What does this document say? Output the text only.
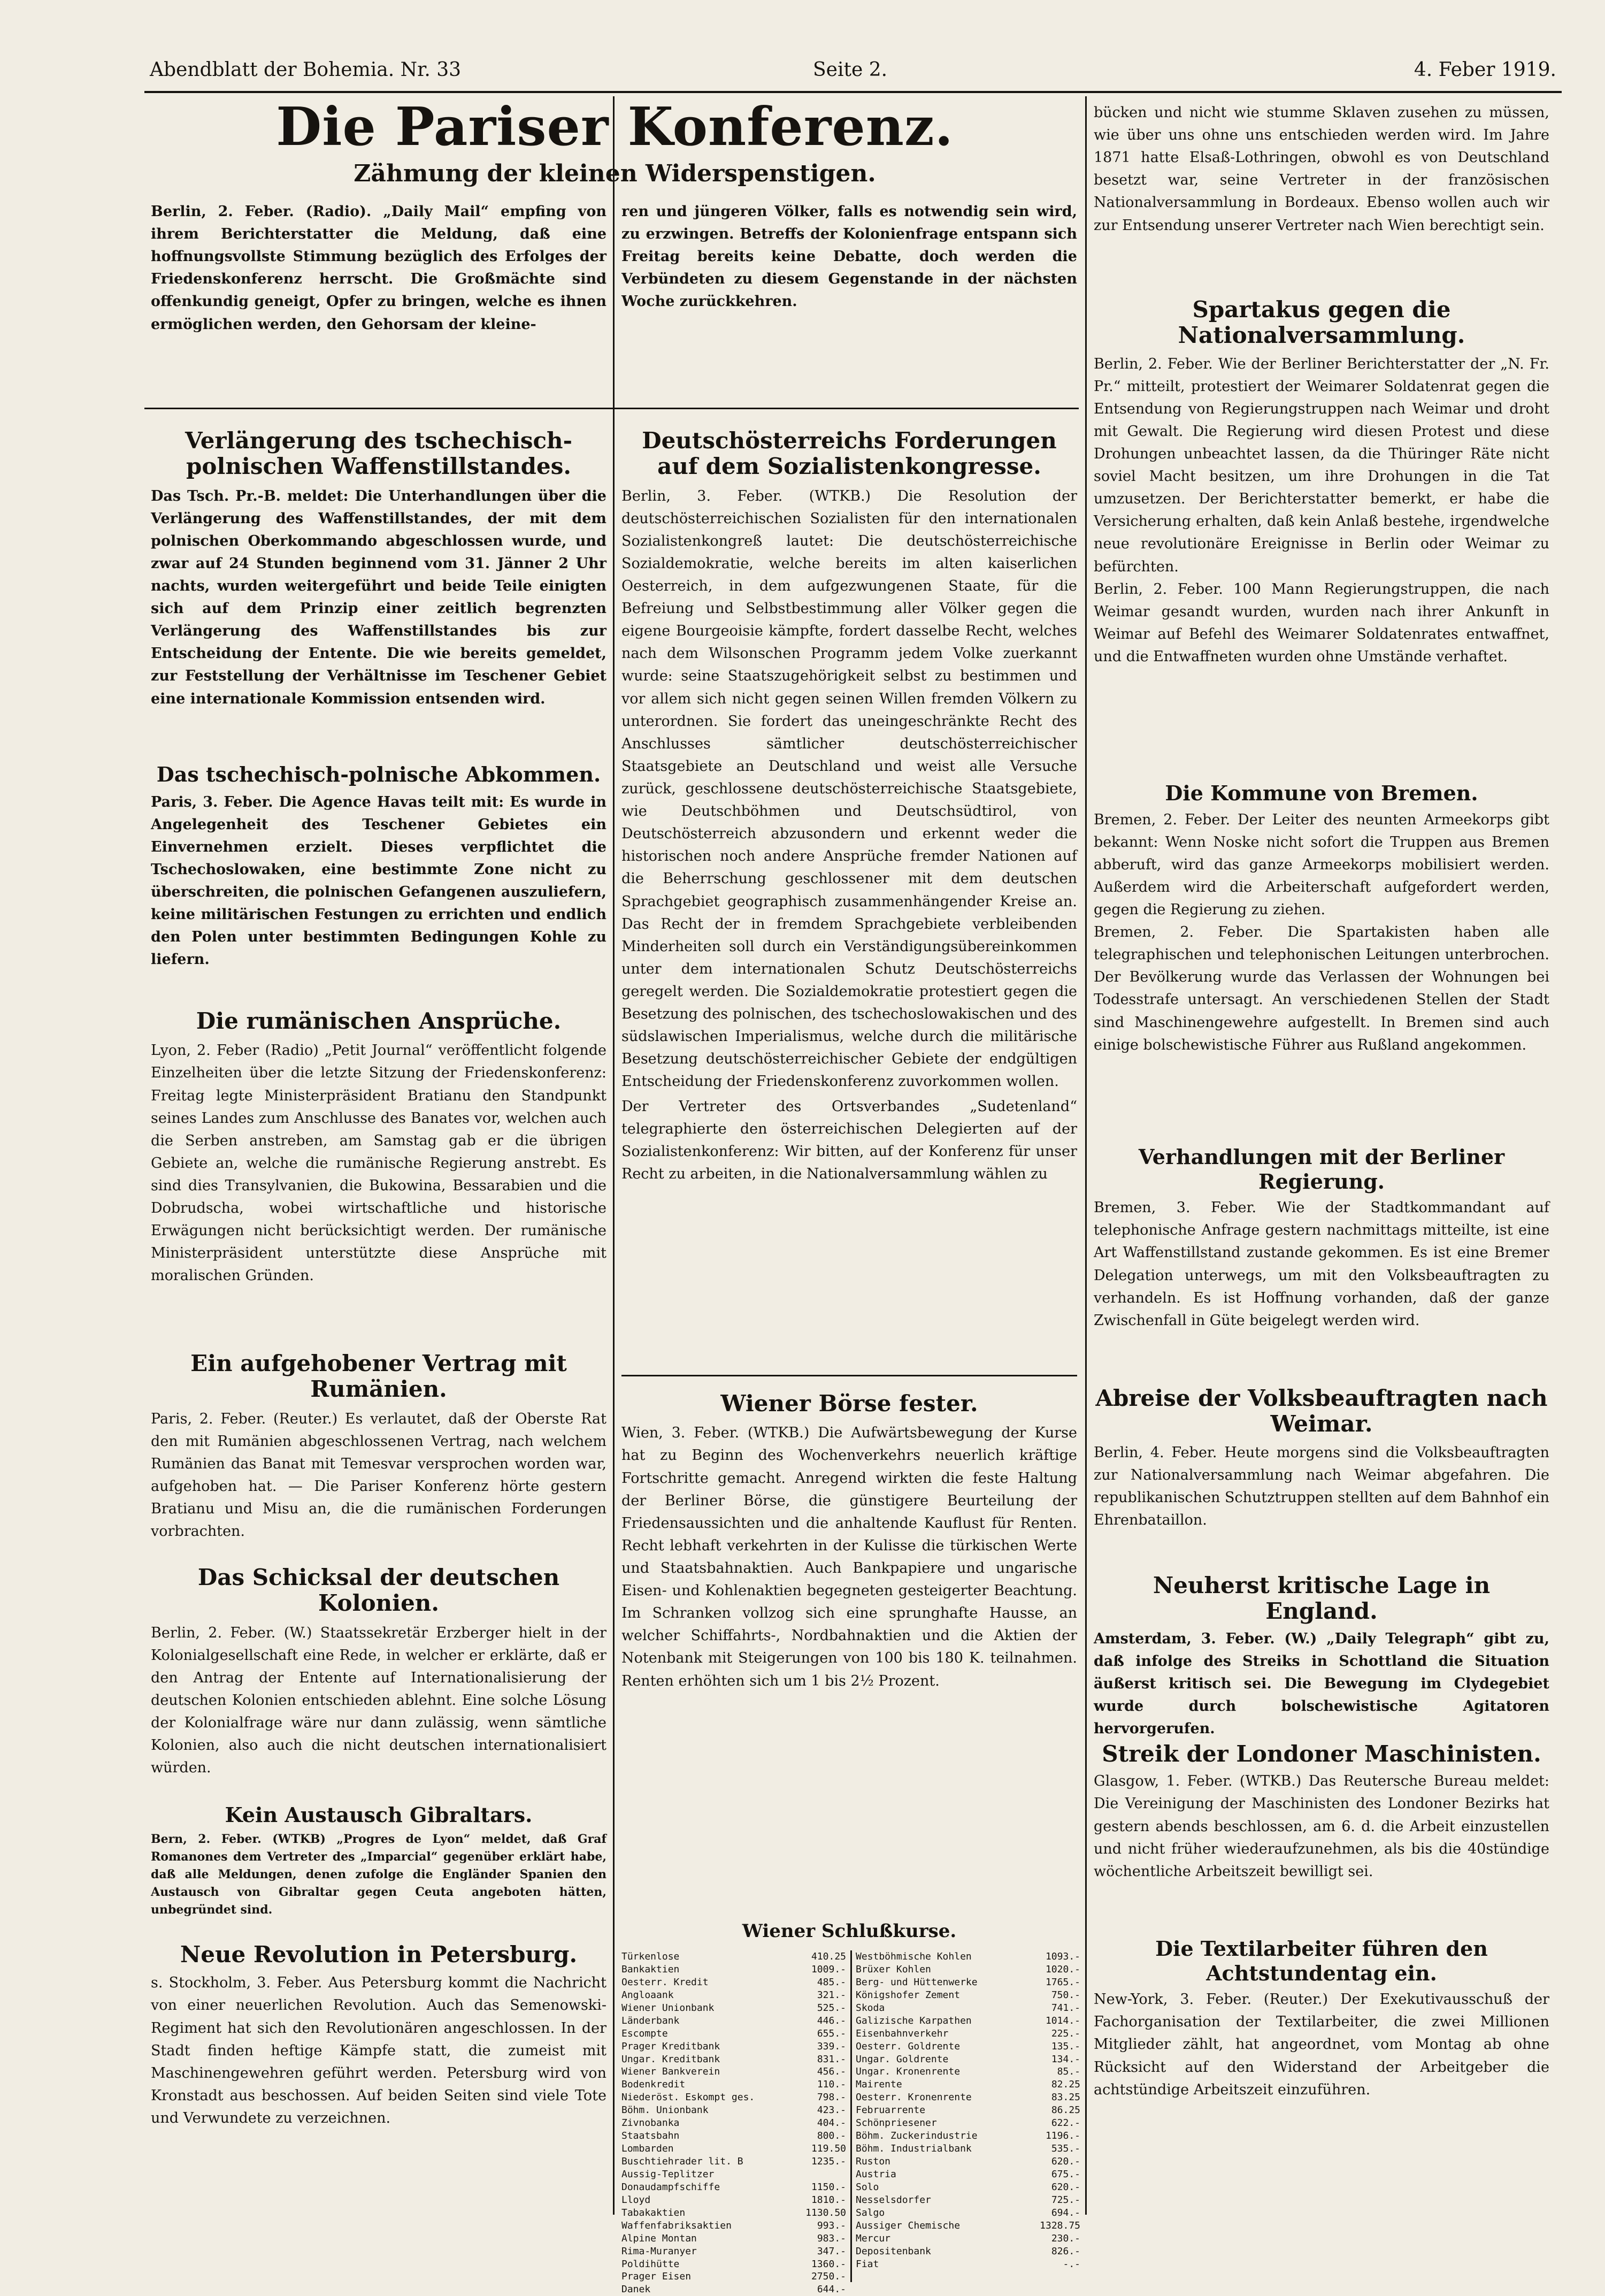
Abendblatt der Bohemia. Nr. 33	Seite 2.	4. Feber 1919.
Die Pariser Konferenz.
Zähmung der kleinen Widerspenstigen.

Berlin, 2. Feber. (Radio). „Daily Mail“ empfing von ihrem Berichterstatter die Meldung, daß eine hoffnungsvollste Stimmung bezüglich des Erfolges der Friedenskonferenz herrscht. Die Großmächte sind offenkundig geneigt, Opfer zu bringen, welche es ihnen ermöglichen werden, den Gehorsam der kleine-

ren und jüngeren Völker, falls es notwendig sein wird, zu erzwingen. Betreffs der Kolonienfrage entspann sich Freitag bereits keine Debatte, doch werden die Verbündeten zu diesem Gegenstande in der nächsten Woche zurückkehren.

Verlängerung des tschechisch-polnischen Waffenstillstandes.

Das Tsch. Pr.-B. meldet: Die Unterhandlungen über die Verlängerung des Waffenstillstandes, der mit dem polnischen Oberkommando abgeschlossen wurde, und zwar auf 24 Stunden beginnend vom 31. Jänner 2 Uhr nachts, wurden weitergeführt und beide Teile einigten sich auf dem Prinzip einer zeitlich begrenzten Verlängerung des Waffenstillstandes bis zur Entscheidung der Entente. Die wie bereits gemeldet, zur Feststellung der Verhältnisse im Teschener Gebiet eine internationale Kommission entsenden wird.

Das tschechisch-polnische Abkommen.

Paris, 3. Feber. Die Agence Havas teilt mit: Es wurde in Angelegenheit des Teschener Gebietes ein Einvernehmen erzielt. Dieses verpflichtet die Tschechoslowaken, eine bestimmte Zone nicht zu überschreiten, die polnischen Gefangenen auszuliefern, keine militärischen Festungen zu errichten und endlich den Polen unter bestimmten Bedingungen Kohle zu liefern.

Die rumänischen Ansprüche.

Lyon, 2. Feber (Radio) „Petit Journal“ veröffentlicht folgende Einzelheiten über die letzte Sitzung der Friedenskonferenz: Freitag legte Ministerpräsident Bratianu den Standpunkt seines Landes zum Anschlusse des Banates vor, welchen auch die Serben anstreben, am Samstag gab er die übrigen Gebiete an, welche die rumänische Regierung anstrebt. Es sind dies Transylvanien, die Bukowina, Bessarabien und die Dobrudscha, wobei wirtschaftliche und historische Erwägungen nicht berücksichtigt werden. Der rumänische Ministerpräsident unterstützte diese Ansprüche mit moralischen Gründen.

Ein aufgehobener Vertrag mit Rumänien.

Paris, 2. Feber. (Reuter.) Es verlautet, daß der Oberste Rat den mit Rumänien abgeschlossenen Vertrag, nach welchem Rumänien das Banat mit Temesvar versprochen worden war, aufgehoben hat. — Die Pariser Konferenz hörte gestern Bratianu und Misu an, die die rumänischen Forderungen vorbrachten.

Das Schicksal der deutschen Kolonien.

Berlin, 2. Feber. (W.) Staatssekretär Erzberger hielt in der Kolonialgesellschaft eine Rede, in welcher er erklärte, daß er den Antrag der Entente auf Internationalisierung der deutschen Kolonien entschieden ablehnt. Eine solche Lösung der Kolonialfrage wäre nur dann zulässig, wenn sämtliche Kolonien, also auch die nicht deutschen internationalisiert würden.

Kein Austausch Gibraltars.

Bern, 2. Feber. (WTKB) „Progres de Lyon“ meldet, daß Graf Romanones dem Vertreter des „Imparcial“ gegenüber erklärt habe, daß alle Meldungen, denen zufolge die Engländer Spanien den Austausch von Gibraltar gegen Ceuta angeboten hätten, unbegründet sind.

Neue Revolution in Petersburg.

s. Stockholm, 3. Feber. Aus Petersburg kommt die Nachricht von einer neuerlichen Revolution. Auch das Semenowski-Regiment hat sich den Revolutionären angeschlossen. In der Stadt finden heftige Kämpfe statt, die zumeist mit Maschinengewehren geführt werden. Petersburg wird von Kronstadt aus beschossen. Auf beiden Seiten sind viele Tote und Verwundete zu verzeichnen.

Deutschösterreichs Forderungen auf dem Sozialistenkongresse.

Berlin, 3. Feber. (WTKB.) Die Resolution der deutschösterreichischen Sozialisten für den internationalen Sozialistenkongreß lautet: Die deutschösterreichische Sozialdemokratie, welche bereits im alten kaiserlichen Oesterreich, in dem aufgezwungenen Staate, für die Befreiung und Selbstbestimmung aller Völker gegen die eigene Bourgeoisie kämpfte, fordert dasselbe Recht, welches nach dem Wilsonschen Programm jedem Volke zuerkannt wurde: seine Staatszugehörigkeit selbst zu bestimmen und vor allem sich nicht gegen seinen Willen fremden Völkern zu unterordnen. Sie fordert das uneingeschränkte Recht des Anschlusses sämtlicher deutschösterreichischer Staatsgebiete an Deutschland und weist alle Versuche zurück, geschlossene deutschösterreichische Staatsgebiete, wie Deutschböhmen und Deutschsüdtirol, von Deutschösterreich abzusondern und erkennt weder die historischen noch andere Ansprüche fremder Nationen auf die Beherrschung geschlossener mit dem deutschen Sprachgebiet geographisch zusammenhängender Kreise an. Das Recht der in fremdem Sprachgebiete verbleibenden Minderheiten soll durch ein Verständigungsübereinkommen unter dem internationalen Schutz Deutschösterreichs geregelt werden. Die Sozialdemokratie protestiert gegen die Besetzung des polnischen, des tschechoslowakischen und des südslawischen Imperialismus, welche durch die militärische Besetzung deutschösterreichischer Gebiete der endgültigen Entscheidung der Friedenskonferenz zuvorkommen wollen.

Der Vertreter des Ortsverbandes „Sudetenland“ telegraphierte den österreichischen Delegierten auf der Sozialistenkonferenz: Wir bitten, auf der Konferenz für unser Recht zu arbeiten, in die Nationalversammlung wählen zu

Wiener Börse fester.

Wien, 3. Feber. (WTKB.) Die Aufwärtsbewegung der Kurse hat zu Beginn des Wochenverkehrs neuerlich kräftige Fortschritte gemacht. Anregend wirkten die feste Haltung der Berliner Börse, die günstigere Beurteilung der Friedensaussichten und die anhaltende Kauflust für Renten. Recht lebhaft verkehrten in der Kulisse die türkischen Werte und Staatsbahnaktien. Auch Bankpapiere und ungarische Eisen- und Kohlenaktien begegneten gesteigerter Beachtung. Im Schranken vollzog sich eine sprunghafte Hausse, an welcher Schiffahrts-, Nordbahnaktien und die Aktien der Notenbank mit Steigerungen von 100 bis 180 K. teilnahmen. Renten erhöhten sich um 1 bis 2½ Prozent.

Wiener Schlußkurse.
Türkenlose	410.25
Bankaktien	1009.-
Oesterr. Kredit	485.-
Angloaank	321.-
Wiener Unionbank	525.-
Länderbank	446.-
Escompte	655.-
Prager Kreditbank	339.-
Ungar. Kreditbank	831.-
Wiener Bankverein	456.-
Bodenkredit	110.-
Niederöst. Eskompt ges.	798.-
Böhm. Unionbank	423.-
Zivnobanka	404.-
Staatsbahn	800.-
Lombarden	119.50
Buschtiehrader lit. B	1235.-
Aussig-Teplitzer
Donaudampfschiffe	1150.-
Lloyd	1810.-
Tabakaktien	1130.50
Waffenfabriksaktien	993.-
Alpine Montan	983.-
Rima-Muranyer	347.-
Poldihütte	1360.-
Prager Eisen	2750.-
Danek	644.-
Westböhmische Kohlen	1093.-
Brüxer Kohlen	1020.-
Berg- und Hüttenwerke	1765.-
Königshofer Zement	750.-
Skoda	741.-
Galizische Karpathen	1014.-
Eisenbahnverkehr	225.-
Oesterr. Goldrente	135.-
Ungar. Goldrente	134.-
Ungar. Kronenrente	85.-
Mairente	82.25
Oesterr. Kronenrente	83.25
Februarrente	86.25
Schönpriesener	622.-
Böhm. Zuckerindustrie	1196.-
Böhm. Industrialbank	535.-
Ruston	620.-
Austria	675.-
Solo	620.-
Nesselsdorfer	725.-
Salgo	694.-
Aussiger Chemische	1328.75
Mercur	230.-
Depositenbank	826.-
Fiat	-.-

bücken und nicht wie stumme Sklaven zusehen zu müssen, wie über uns ohne uns entschieden werden wird. Im Jahre 1871 hatte Elsaß-Lothringen, obwohl es von Deutschland besetzt war, seine Vertreter in der französischen Nationalversammlung in Bordeaux. Ebenso wollen auch wir zur Entsendung unserer Vertreter nach Wien berechtigt sein.

Spartakus gegen die Nationalversammlung.

Berlin, 2. Feber. Wie der Berliner Berichterstatter der „N. Fr. Pr.“ mitteilt, protestiert der Weimarer Soldatenrat gegen die Entsendung von Regierungstruppen nach Weimar und droht mit Gewalt. Die Regierung wird diesen Protest und diese Drohungen unbeachtet lassen, da die Thüringer Räte nicht soviel Macht besitzen, um ihre Drohungen in die Tat umzusetzen. Der Berichterstatter bemerkt, er habe die Versicherung erhalten, daß kein Anlaß bestehe, irgendwelche neue revolutionäre Ereignisse in Berlin oder Weimar zu befürchten.

Berlin, 2. Feber. 100 Mann Regierungstruppen, die nach Weimar gesandt wurden, wurden nach ihrer Ankunft in Weimar auf Befehl des Weimarer Soldatenrates entwaffnet, und die Entwaffneten wurden ohne Umstände verhaftet.

Die Kommune von Bremen.

Bremen, 2. Feber. Der Leiter des neunten Armeekorps gibt bekannt: Wenn Noske nicht sofort die Truppen aus Bremen abberuft, wird das ganze Armeekorps mobilisiert werden. Außerdem wird die Arbeiterschaft aufgefordert werden, gegen die Regierung zu ziehen.

Bremen, 2. Feber. Die Spartakisten haben alle telegraphischen und telephonischen Leitungen unterbrochen. Der Bevölkerung wurde das Verlassen der Wohnungen bei Todesstrafe untersagt. An verschiedenen Stellen der Stadt sind Maschinengewehre aufgestellt. In Bremen sind auch einige bolschewistische Führer aus Rußland angekommen.

Verhandlungen mit der Berliner Regierung.

Bremen, 3. Feber. Wie der Stadtkommandant auf telephonische Anfrage gestern nachmittags mitteilte, ist eine Art Waffenstillstand zustande gekommen. Es ist eine Bremer Delegation unterwegs, um mit den Volksbeauftragten zu verhandeln. Es ist Hoffnung vorhanden, daß der ganze Zwischenfall in Güte beigelegt werden wird.

Abreise der Volksbeauftragten nach Weimar.

Berlin, 4. Feber. Heute morgens sind die Volksbeauftragten zur Nationalversammlung nach Weimar abgefahren. Die republikanischen Schutztruppen stellten auf dem Bahnhof ein Ehrenbataillon.

Neuherst kritische Lage in England.

Amsterdam, 3. Feber. (W.) „Daily Telegraph“ gibt zu, daß infolge des Streiks in Schottland die Situation äußerst kritisch sei. Die Bewegung im Clydegebiet wurde durch bolschewistische Agitatoren hervorgerufen.

Streik der Londoner Maschinisten.

Glasgow, 1. Feber. (WTKB.) Das Reutersche Bureau meldet: Die Vereinigung der Maschinisten des Londoner Bezirks hat gestern abends beschlossen, am 6. d. die Arbeit einzustellen und nicht früher wiederaufzunehmen, als bis die 40stündige wöchentliche Arbeitszeit bewilligt sei.

Die Textilarbeiter führen den Achtstundentag ein.

New-York, 3. Feber. (Reuter.) Der Exekutivausschuß der Fachorganisation der Textilarbeiter, die zwei Millionen Mitglieder zählt, hat angeordnet, vom Montag ab ohne Rücksicht auf den Widerstand der Arbeitgeber die achtstündige Arbeitszeit einzuführen.
